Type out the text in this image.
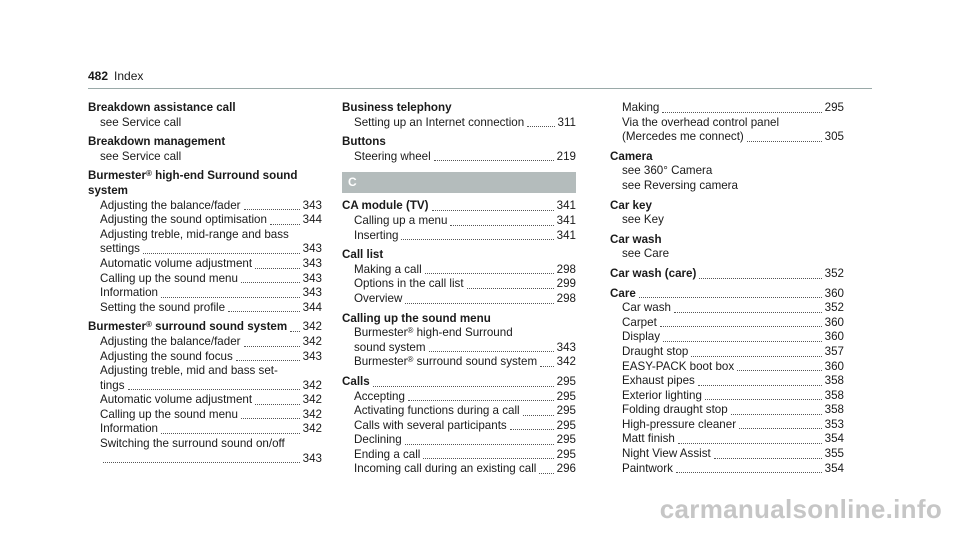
482 Index
Breakdown assistance call
see Service call
Breakdown management
see Service call
Burmester® high-end Surround sound
system
Adjusting the balance/fader	343
Adjusting the sound optimisation	344
Adjusting treble, mid-range and bass
settings	343
Automatic volume adjustment	343
Calling up the sound menu	343
Information	343
Setting the sound profile	344
Burmester® surround sound system 342
Adjusting the balance/fader	342
Adjusting the sound focus	343
Adjusting treble, mid and bass set-
tings	342
Automatic volume adjustment	342
Calling up the sound menu	342
Information	342
Switching the surround sound on/off
343
Business telephony
Setting up an Internet connection	311
Buttons
Steering wheel	219
C
CA module (TV)	341
Calling up a menu	341
Inserting	341
Call list
Making a call	298
Options in the call list	299
Overview	298
Calling up the sound menu
Burmester® high-end Surround
sound system	343
Burmester® surround sound system 342
Calls	295
Accepting	295
Activating functions during a call	295
Calls with several participants	295
Declining	295
Ending a call	295
Incoming call during an existing call 296
Making	295
Via the overhead control panel
(Mercedes me connect)	305
Camera
see 360° Camera
see Reversing camera
Car key
see Key
Car wash
see Care
Car wash (care)	352
Care	360
Car wash	352
Carpet	360
Display	360
Draught stop	357
EASY-PACK boot box	360
Exhaust pipes	358
Exterior lighting	358
Folding draught stop	358
High-pressure cleaner	353
Matt finish	354
Night View Assist	355
Paintwork	354
carmanualsonline.info
